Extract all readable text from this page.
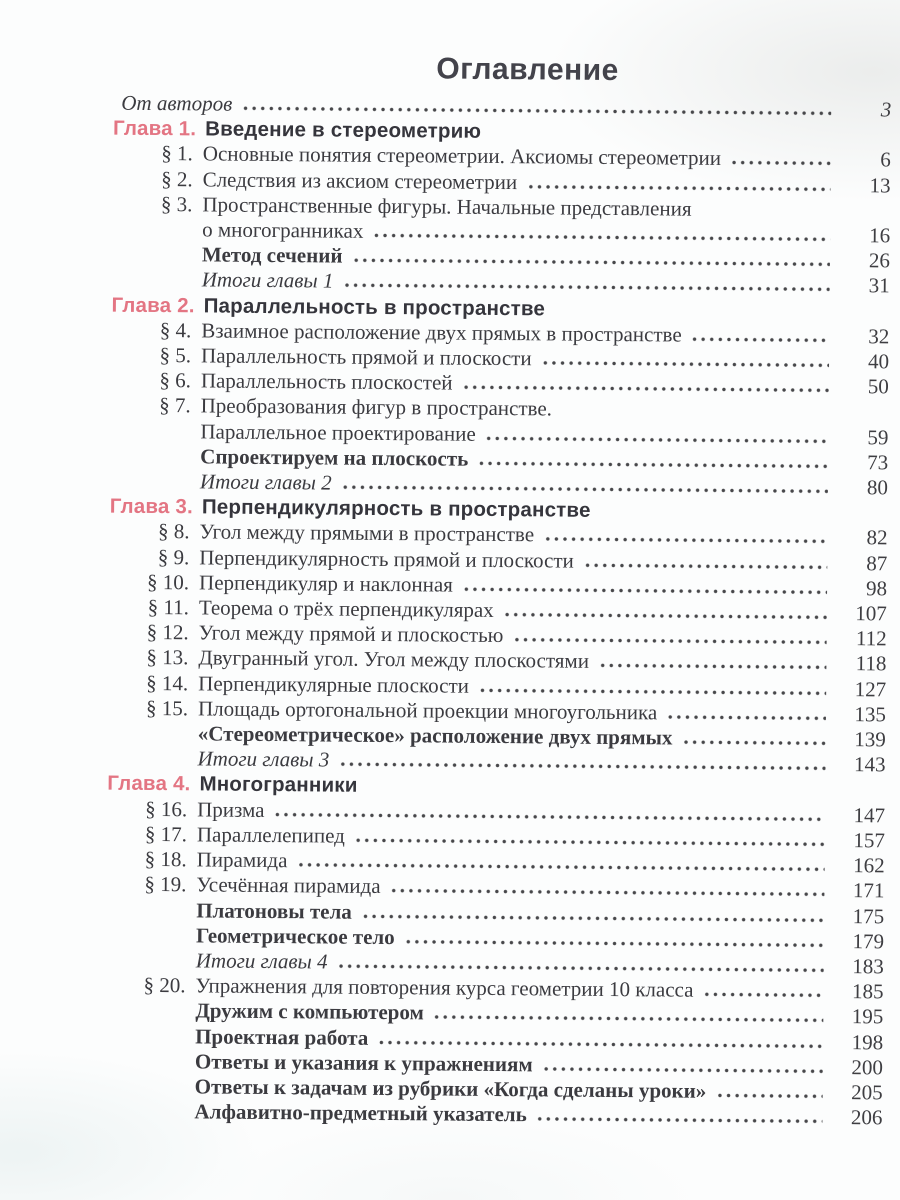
Оглавление
От авторов	3
Глава 1. Введение в стереометрию
§ 1. Основные понятия стереометрии. Аксиомы стереометрии	6
§ 2. Следствия из аксиом стереометрии	13
§ 3. Пространственные фигуры. Начальные представления
о многогранниках	16
Метод сечений	26
Итоги главы 1	31
Глава 2. Параллельность в пространстве
§ 4. Взаимное расположение двух прямых в пространстве	32
§ 5. Параллельность прямой и плоскости	40
§ 6. Параллельность плоскостей	50
§ 7. Преобразования фигур в пространстве.
Параллельное проектирование	59
Спроектируем на плоскость	73
Итоги главы 2	80
Глава 3. Перпендикулярность в пространстве
§ 8. Угол между прямыми в пространстве	82
§ 9. Перпендикулярность прямой и плоскости	87
§ 10. Перпендикуляр и наклонная	98
§ 11. Теорема о трёх перпендикулярах	107
§ 12. Угол между прямой и плоскостью	112
§ 13. Двугранный угол. Угол между плоскостями	118
§ 14. Перпендикулярные плоскости	127
§ 15. Площадь ортогональной проекции многоугольника	135
«Стереометрическое» расположение двух прямых	139
Итоги главы 3	143
Глава 4. Многогранники
§ 16. Призма	147
§ 17. Параллелепипед	157
§ 18. Пирамида	162
§ 19. Усечённая пирамида	171
Платоновы тела	175
Геометрическое тело	179
Итоги главы 4	183
§ 20. Упражнения для повторения курса геометрии 10 класса	185
Дружим с компьютером	195
Проектная работа	198
Ответы и указания к упражнениям	200
Ответы к задачам из рубрики «Когда сделаны уроки»	205
Алфавитно-предметный указатель	206
